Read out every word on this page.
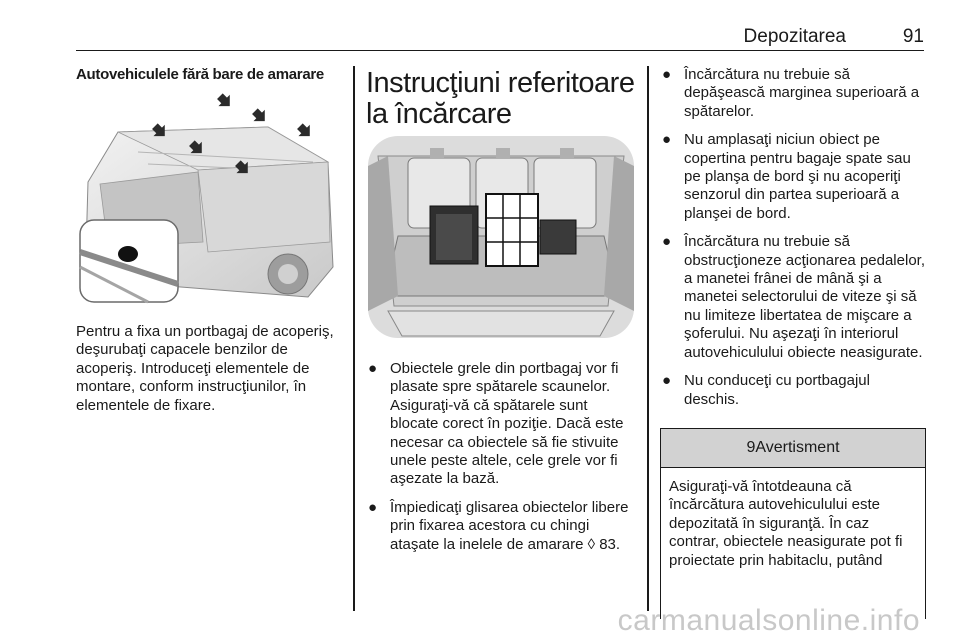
Depozitarea	91
Autovehiculele fără bare de amarare
Pentru a fixa un portbagaj de acoperiş, deşurubaţi capacele benzilor de acoperiş. Introduceţi elementele de montare, conform instrucţiunilor, în elementele de fixare.
Instrucţiuni referitoare la încărcare
● Obiectele grele din portbagaj vor fi plasate spre spătarele scaunelor. Asiguraţi-vă că spătarele sunt blocate corect în poziţie. Dacă este necesar ca obiectele să fie stivuite unele peste altele, cele grele vor fi aşezate la bază.
● Împiedicaţi glisarea obiectelor libere prin fixarea acestora cu chingi ataşate la inelele de amarare ◊ 83.
● Încărcătura nu trebuie să depăşească marginea superioară a spătarelor.
● Nu amplasaţi niciun obiect pe copertina pentru bagaje spate sau pe planşa de bord şi nu acoperiţi senzorul din partea superioară a planşei de bord.
● Încărcătura nu trebuie să obstrucţioneze acţionarea pedalelor, a manetei frânei de mână şi a manetei selectorului de viteze şi să nu limiteze libertatea de mişcare a şoferului. Nu aşezaţi în interiorul autovehiculului obiecte neasigurate.
● Nu conduceţi cu portbagajul deschis.
9Avertisment
Asiguraţi-vă întotdeauna că încărcătura autovehiculului este depozitată în siguranţă. În caz contrar, obiectele neasigurate pot fi proiectate prin habitaclu, putând
carmanualsonline.info
